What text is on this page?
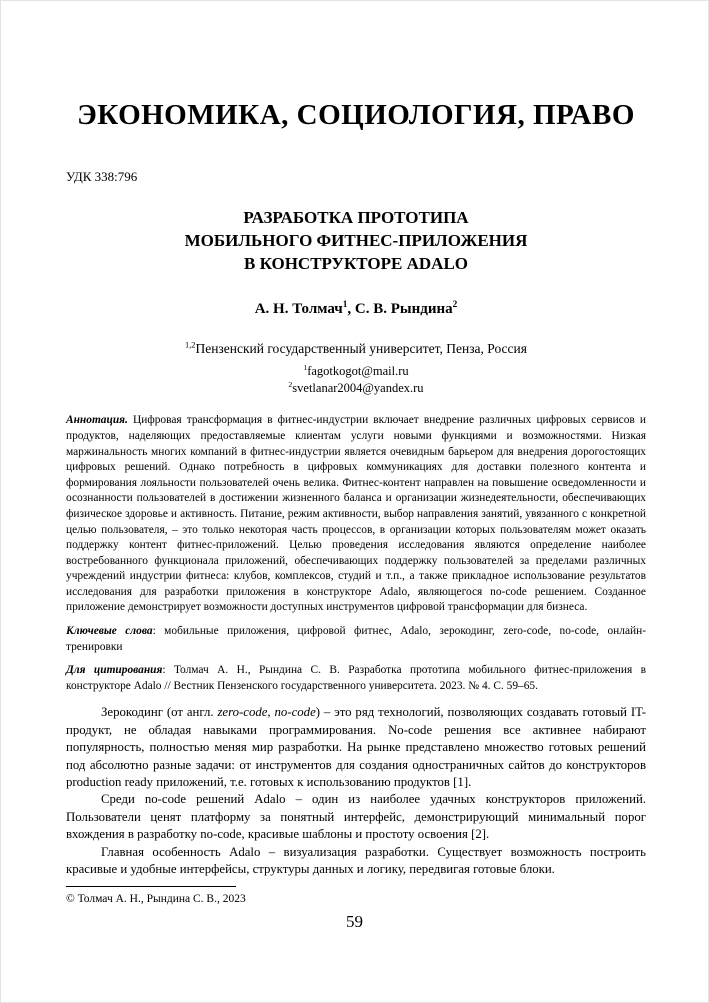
ЭКОНОМИКА, СОЦИОЛОГИЯ, ПРАВО
УДК 338:796
РАЗРАБОТКА ПРОТОТИПА
МОБИЛЬНОГО ФИТНЕС-ПРИЛОЖЕНИЯ
В КОНСТРУКТОРЕ ADALO
А. Н. Толмач$^1$, С. В. Рындина$^2$
$^{1,2}$Пензенский государственный университет, Пенза, Россия
$^1$fagotkogot@mail.ru
$^2$svetlanar2004@yandex.ru
Аннотация. Цифровая трансформация в фитнес-индустрии включает внедрение различных цифровых сервисов и продуктов, наделяющих предоставляемые клиентам услуги новыми функциями и возможностями. Низкая маржинальность многих компаний в фитнес-индустрии является очевидным барьером для внедрения дорогостоящих цифровых решений. Однако потребность в цифровых коммуникациях для доставки полезного контента и формирования лояльности пользователей очень велика. Фитнес-контент направлен на повышение осведомленности и осознанности пользователей в достижении жизненного баланса и организации жизнедеятельности, обеспечивающих физическое здоровье и активность. Питание, режим активности, выбор направления занятий, увязанного с конкретной целью пользователя, – это только некоторая часть процессов, в организации которых пользователям может оказать поддержку контент фитнес-приложений. Целью проведения исследования являются определение наиболее востребованного функционала приложений, обеспечивающих поддержку пользователей за пределами различных учреждений индустрии фитнеса: клубов, комплексов, студий и т.п., а также прикладное использование результатов исследования для разработки приложения в конструкторе Adalo, являющегося no-code решением. Созданное приложение демонстрирует возможности доступных инструментов цифровой трансформации для бизнеса.
Ключевые слова: мобильные приложения, цифровой фитнес, Adalo, зерокодинг, zero-code, no-code, онлайн-тренировки
Для цитирования: Толмач А. Н., Рындина С. В. Разработка прототипа мобильного фитнес-приложения в конструкторе Adalo // Вестник Пензенского государственного университета. 2023. № 4. С. 59–65.

Зерокодинг (от англ. zero-code, no-code) – это ряд технологий, позволяющих создавать готовый IT-продукт, не обладая навыками программирования. No-code решения все активнее набирают популярность, полностью меняя мир разработки. На рынке представлено множество готовых решений под абсолютно разные задачи: от инструментов для создания одностраничных сайтов до конструкторов production ready приложений, т.е. готовых к использованию продуктов [1].

Среди no-code решений Adalo – один из наиболее удачных конструкторов приложений. Пользователи ценят платформу за понятный интерфейс, демонстрирующий минимальный порог вхождения в разработку no-code, красивые шаблоны и простоту освоения [2].

Главная особенность Adalo – визуализация разработки. Существует возможность построить красивые и удобные интерфейсы, структуры данных и логику, передвигая готовые блоки.

© Толмач А. Н., Рындина С. В., 2023
59
